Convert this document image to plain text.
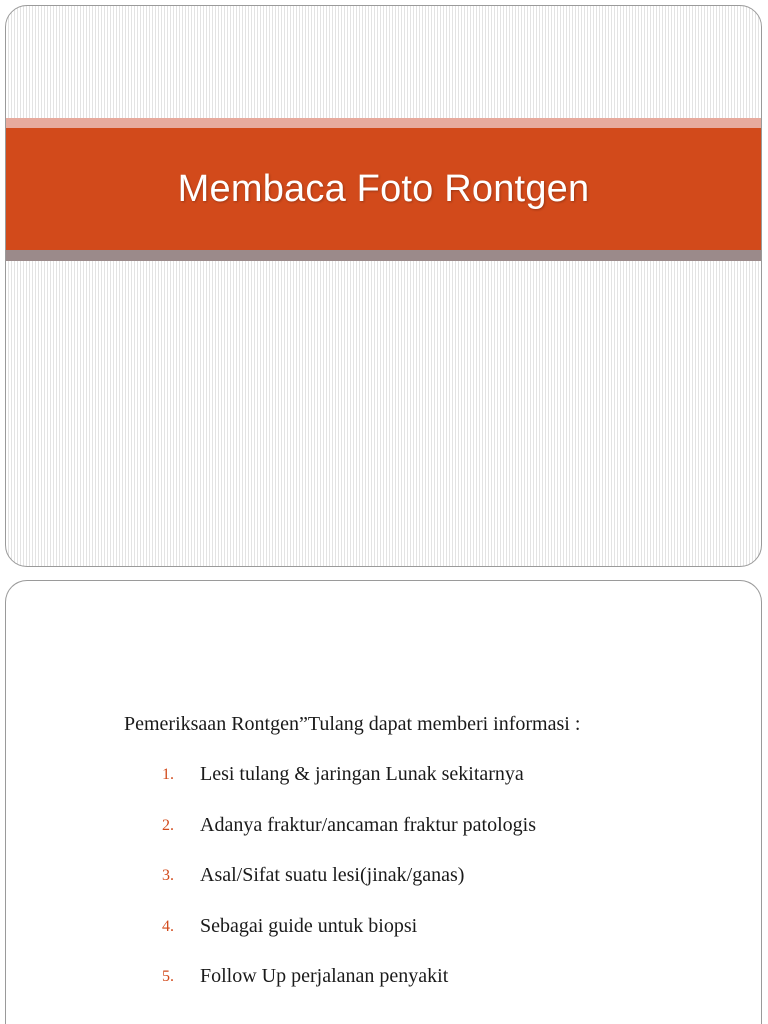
Membaca Foto Rontgen
Pemeriksaan Rontgen”Tulang dapat memberi informasi :
1. Lesi tulang & jaringan Lunak sekitarnya
2. Adanya fraktur/ancaman fraktur patologis
3. Asal/Sifat suatu lesi(jinak/ganas)
4. Sebagai guide untuk biopsi
5. Follow Up perjalanan penyakit
